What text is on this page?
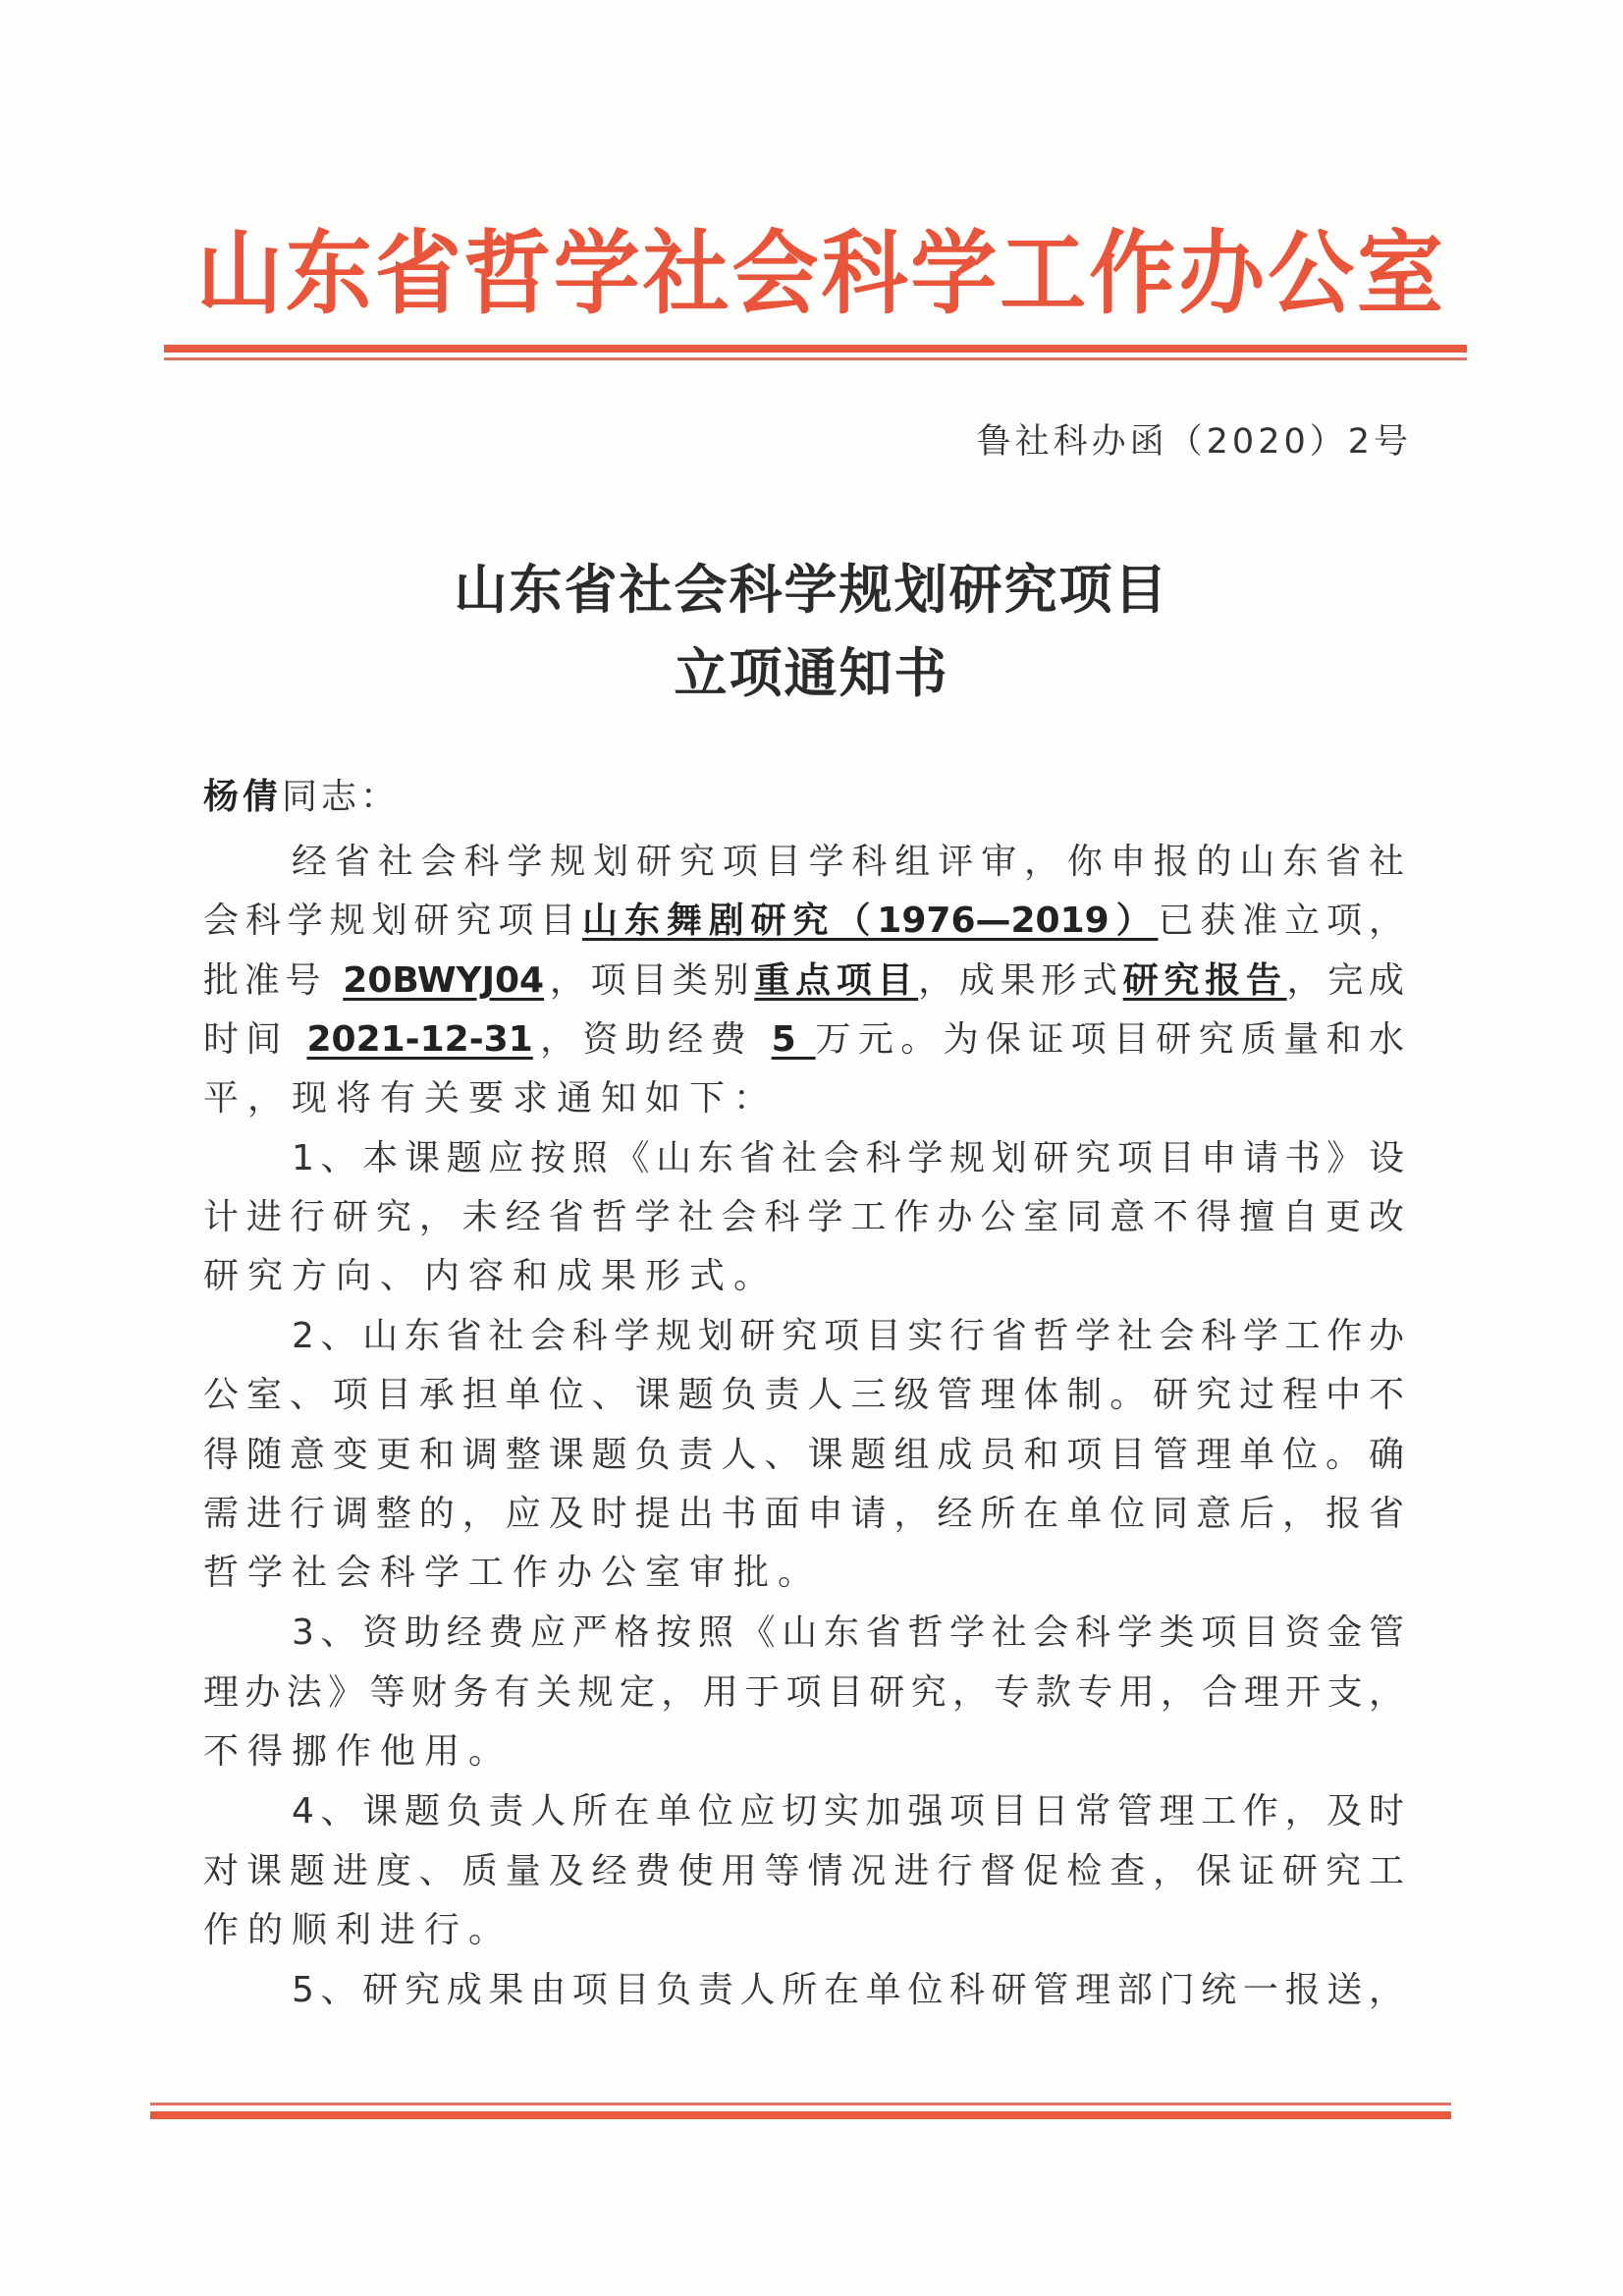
山 东 省 哲 学 社 会 科 学 工 作 办 公 室
鲁社科办函（2020）2号
山东省社会科学规划研究项目
立项通知书
杨倩同志：
经省社会科学规划研究项目学科组评审，你申报的山东省社
会科学规划研究项目山东舞剧研究（1976—2019）已获准立项，
批准号 20BWYJ04，项目类别重点项目，成果形式研究报告，完成
时间 2021-12-31，资助经费 5 万元。为保证项目研究质量和水
平，现将有关要求通知如下：
1、本课题应按照《山东省社会科学规划研究项目申请书》设
计进行研究，未经省哲学社会科学工作办公室同意不得擅自更改
研究方向、内容和成果形式。
2、山东省社会科学规划研究项目实行省哲学社会科学工作办
公室、项目承担单位、课题负责人三级管理体制。研究过程中不
得随意变更和调整课题负责人、课题组成员和项目管理单位。确
需进行调整的，应及时提出书面申请，经所在单位同意后，报省
哲学社会科学工作办公室审批。
3、资助经费应严格按照《山东省哲学社会科学类项目资金管
理办法》等财务有关规定，用于项目研究，专款专用，合理开支，
不得挪作他用。
4、课题负责人所在单位应切实加强项目日常管理工作，及时
对课题进度、质量及经费使用等情况进行督促检查，保证研究工
作的顺利进行。
5、研究成果由项目负责人所在单位科研管理部门统一报送，
